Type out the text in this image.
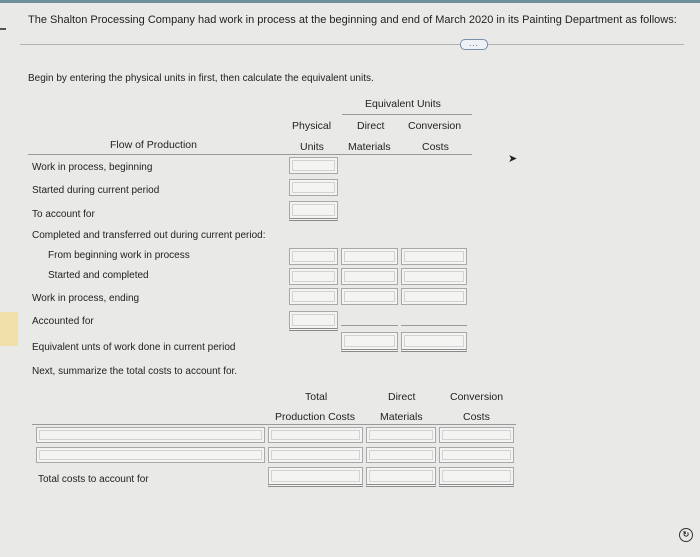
The Shalton Processing Company had work in process at the beginning and end of March 2020 in its Painting Department as follows:
...
Begin by entering the physical units in first, then calculate the equivalent units.
Equivalent Units
Physical
Units
Direct
Materials
Conversion
Costs
Flow of Production
Work in process, beginning
Started during current period
To account for
Completed and transferred out during current period:
From beginning work in process
Started and completed
Work in process, ending
Accounted for
Equivalent unts of work done in current period
Next, summarize the total costs to account for.
Total
Production Costs
Direct
Materials
Conversion
Costs
Total costs to account for
➤
↻
